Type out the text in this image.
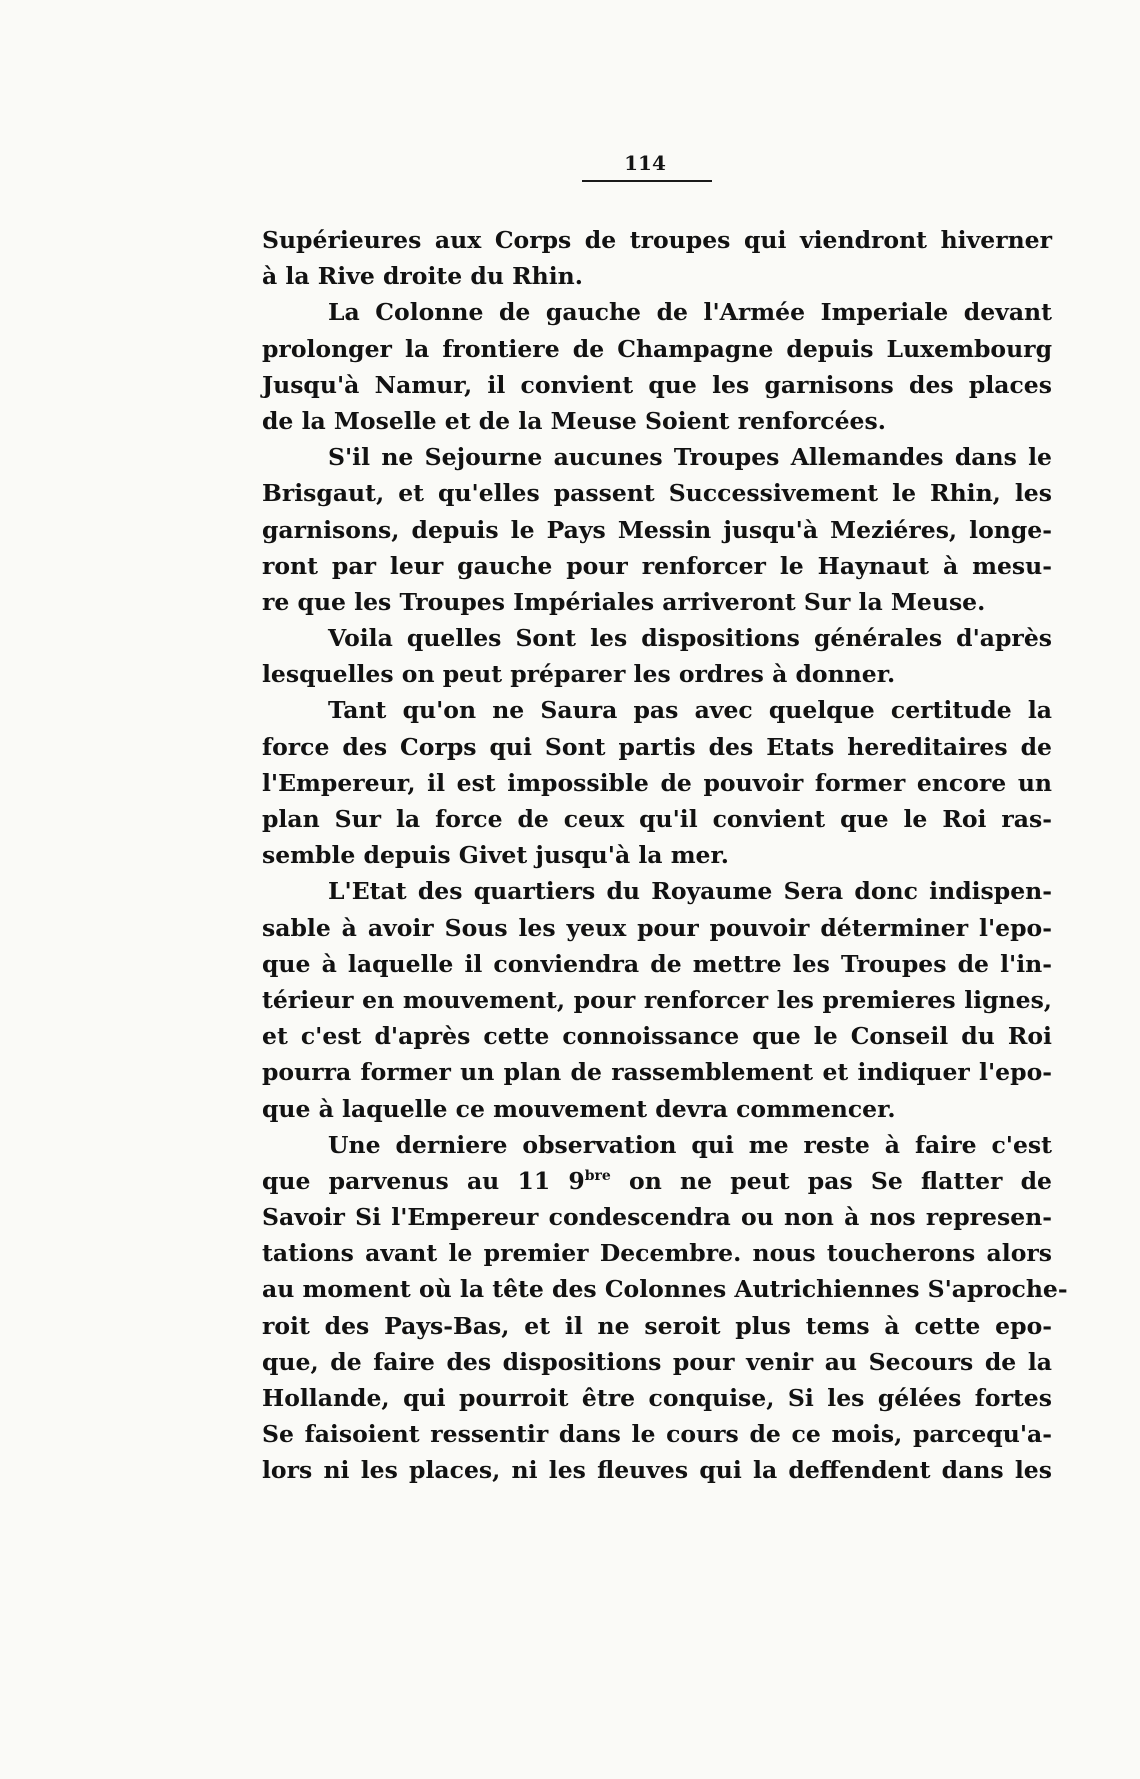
114
Supérieures aux Corps de troupes qui viendront hiverner
à la Rive droite du Rhin.
La Colonne de gauche de l'Armée Imperiale devant
prolonger la frontiere de Champagne depuis Luxembourg
Jusqu'à Namur, il convient que les garnisons des places
de la Moselle et de la Meuse Soient renforcées.
S'il ne Sejourne aucunes Troupes Allemandes dans le
Brisgaut, et qu'elles passent Successivement le Rhin, les
garnisons, depuis le Pays Messin jusqu'à Meziéres, longe-
ront par leur gauche pour renforcer le Haynaut à mesu-
re que les Troupes Impériales arriveront Sur la Meuse.
Voila quelles Sont les dispositions générales d'après
lesquelles on peut préparer les ordres à donner.
Tant qu'on ne Saura pas avec quelque certitude la
force des Corps qui Sont partis des Etats hereditaires de
l'Empereur, il est impossible de pouvoir former encore un
plan Sur la force de ceux qu'il convient que le Roi ras-
semble depuis Givet jusqu'à la mer.
L'Etat des quartiers du Royaume Sera donc indispen-
sable à avoir Sous les yeux pour pouvoir déterminer l'epo-
que à laquelle il conviendra de mettre les Troupes de l'in-
térieur en mouvement, pour renforcer les premieres lignes,
et c'est d'après cette connoissance que le Conseil du Roi
pourra former un plan de rassemblement et indiquer l'epo-
que à laquelle ce mouvement devra commencer.
Une derniere observation qui me reste à faire c'est
que parvenus au 11 $9^{bre}$ on ne peut pas Se flatter de
Savoir Si l'Empereur condescendra ou non à nos represen-
tations avant le premier Decembre. nous toucherons alors
au moment où la tête des Colonnes Autrichiennes S'aproche-
roit des Pays-Bas, et il ne seroit plus tems à cette epo-
que, de faire des dispositions pour venir au Secours de la
Hollande, qui pourroit être conquise, Si les gélées fortes
Se faisoient ressentir dans le cours de ce mois, parcequ'a-
lors ni les places, ni les fleuves qui la deffendent dans les
